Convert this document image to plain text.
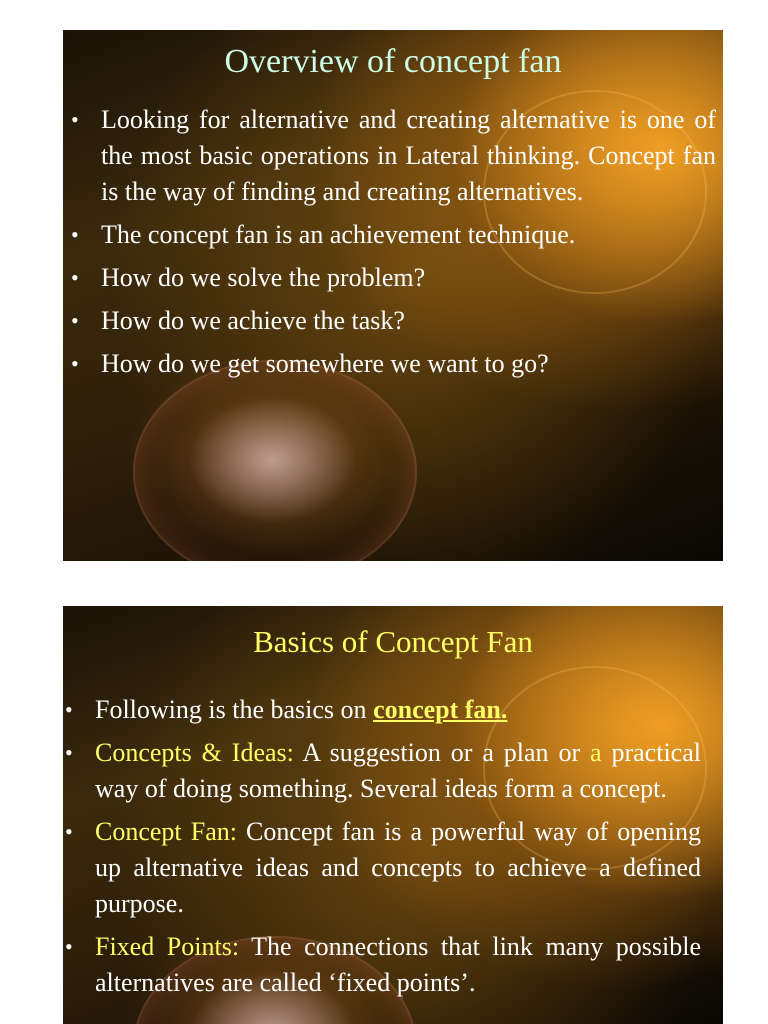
Overview of concept fan
• Looking for alternative and creating alternative is one of the most basic operations in Lateral thinking. Concept fan is the way of finding and creating alternatives.
• The concept fan is an achievement technique.
• How do we solve the problem?
• How do we achieve the task?
• How do we get somewhere we want to go?
Basics of Concept Fan
• Following is the basics on concept fan.
• Concepts & Ideas: A suggestion or a plan or a practical way of doing something. Several ideas form a concept.
• Concept Fan: Concept fan is a powerful way of opening up alternative ideas and concepts to achieve a defined purpose.
• Fixed Points: The connections that link many possible alternatives are called ‘fixed points’.
